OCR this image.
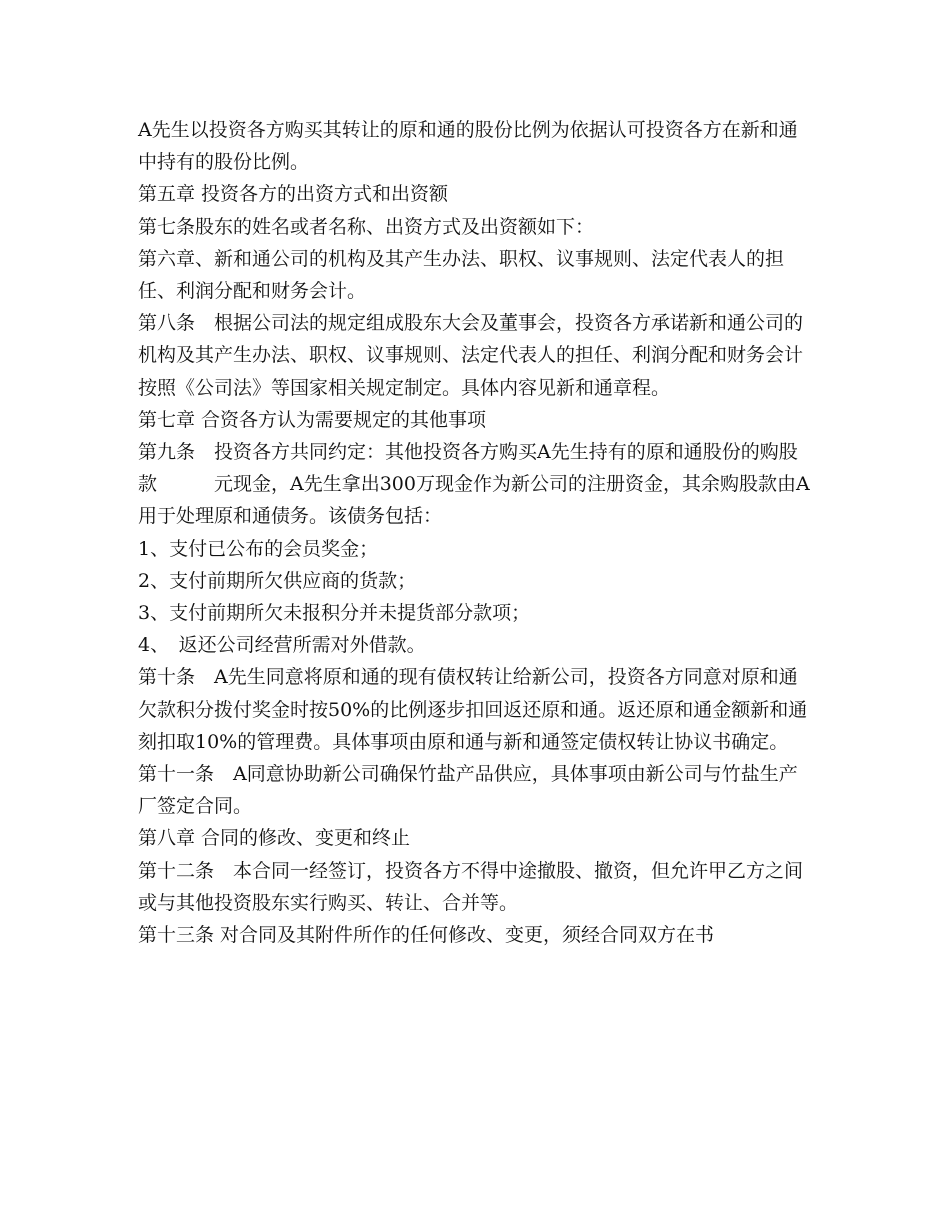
A先生以投资各方购买其转让的原和通的股份比例为依据认可投资各方在新和通中持有的股份比例。

第五章 投资各方的出资方式和出资额

第七条股东的姓名或者名称、出资方式及出资额如下：

第六章、新和通公司的机构及其产生办法、职权、议事规则、法定代表人的担任、利润分配和财务会计。

第八条　根据公司法的规定组成股东大会及董事会，投资各方承诺新和通公司的机构及其产生办法、职权、议事规则、法定代表人的担任、利润分配和财务会计按照《公司法》等国家相关规定制定。具体内容见新和通章程。

第七章 合资各方认为需要规定的其他事项

第九条　投资各方共同约定：其他投资各方购买A先生持有的原和通股份的购股款　　　元现金，A先生拿出300万现金作为新公司的注册资金，其余购股款由A用于处理原和通债务。该债务包括：

1、支付已公布的会员奖金；

2、支付前期所欠供应商的货款；

3、支付前期所欠未报积分并未提货部分款项；

4、　返还公司经营所需对外借款。

第十条　A先生同意将原和通的现有债权转让给新公司，投资各方同意对原和通欠款积分拨付奖金时按50%的比例逐步扣回返还原和通。返还原和通金额新和通刻扣取10%的管理费。具体事项由原和通与新和通签定债权转让协议书确定。

第十一条　A同意协助新公司确保竹盐产品供应，具体事项由新公司与竹盐生产厂签定合同。

第八章 合同的修改、变更和终止

第十二条　本合同一经签订，投资各方不得中途撤股、撤资，但允许甲乙方之间或与其他投资股东实行购买、转让、合并等。

第十三条 对合同及其附件所作的任何修改、变更，须经合同双方在书
